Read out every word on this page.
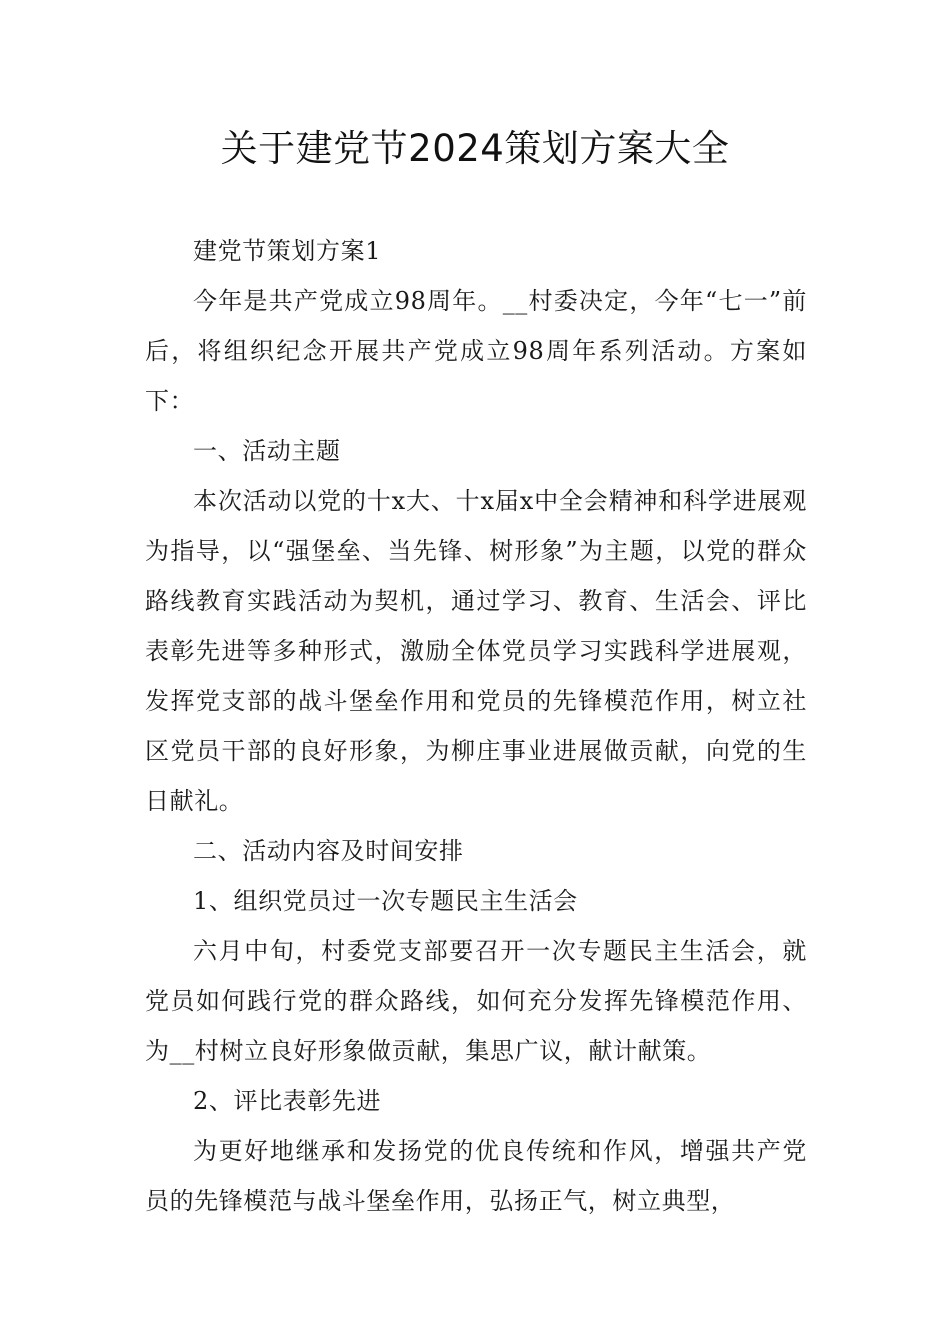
关于建党节2024策划方案大全

建党节策划方案1

今年是共产党成立98周年。__村委决定，今年“七一”前后，将组织纪念开展共产党成立98周年系列活动。方案如下：

一、活动主题

本次活动以党的十x大、十x届x中全会精神和科学进展观为指导，以“强堡垒、当先锋、树形象”为主题，以党的群众路线教育实践活动为契机，通过学习、教育、生活会、评比表彰先进等多种形式，激励全体党员学习实践科学进展观，发挥党支部的战斗堡垒作用和党员的先锋模范作用，树立社区党员干部的良好形象，为柳庄事业进展做贡献，向党的生日献礼。

二、活动内容及时间安排

1、组织党员过一次专题民主生活会

六月中旬，村委党支部要召开一次专题民主生活会，就党员如何践行党的群众路线，如何充分发挥先锋模范作用、为__村树立良好形象做贡献，集思广议，献计献策。

2、评比表彰先进

为更好地继承和发扬党的优良传统和作风，增强共产党员的先锋模范与战斗堡垒作用，弘扬正气，树立典型，
